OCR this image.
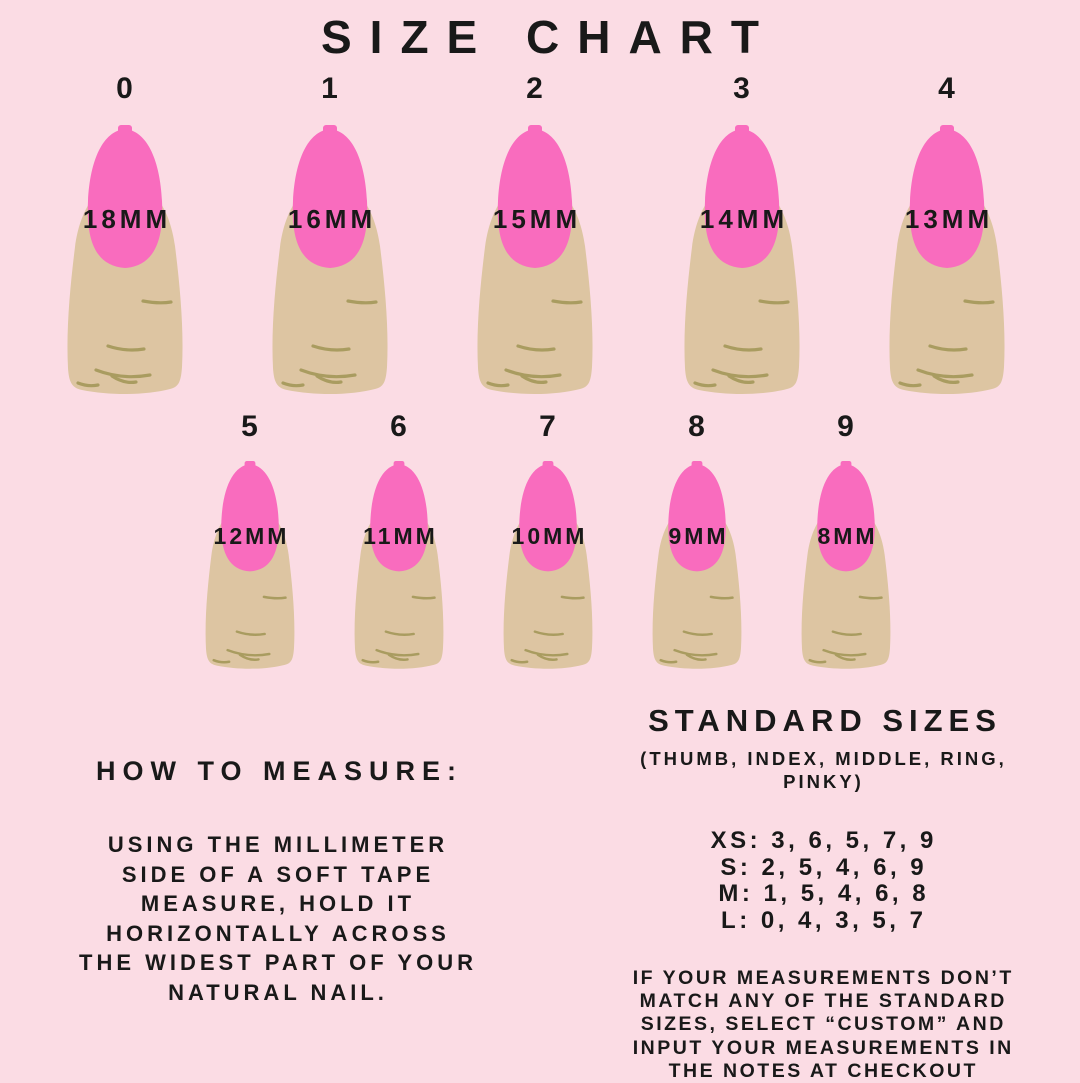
SIZE CHART
0
18MM
1
16MM
2
15MM
3
14MM
4
13MM
5
12MM
6
11MM
7
10MM
8
9MM
9
8MM
HOW TO MEASURE:
USING THE MILLIMETER
SIDE OF A SOFT TAPE
MEASURE, HOLD IT
HORIZONTALLY ACROSS
THE WIDEST PART OF YOUR
NATURAL NAIL.
STANDARD SIZES
(THUMB, INDEX, MIDDLE, RING,
PINKY)
XS: 3, 6, 5, 7, 9
S: 2, 5, 4, 6, 9
M: 1, 5, 4, 6, 8
L: 0, 4, 3, 5, 7
IF YOUR MEASUREMENTS DON’T
MATCH ANY OF THE STANDARD
SIZES, SELECT “CUSTOM” AND
INPUT YOUR MEASUREMENTS IN
THE NOTES AT CHECKOUT
